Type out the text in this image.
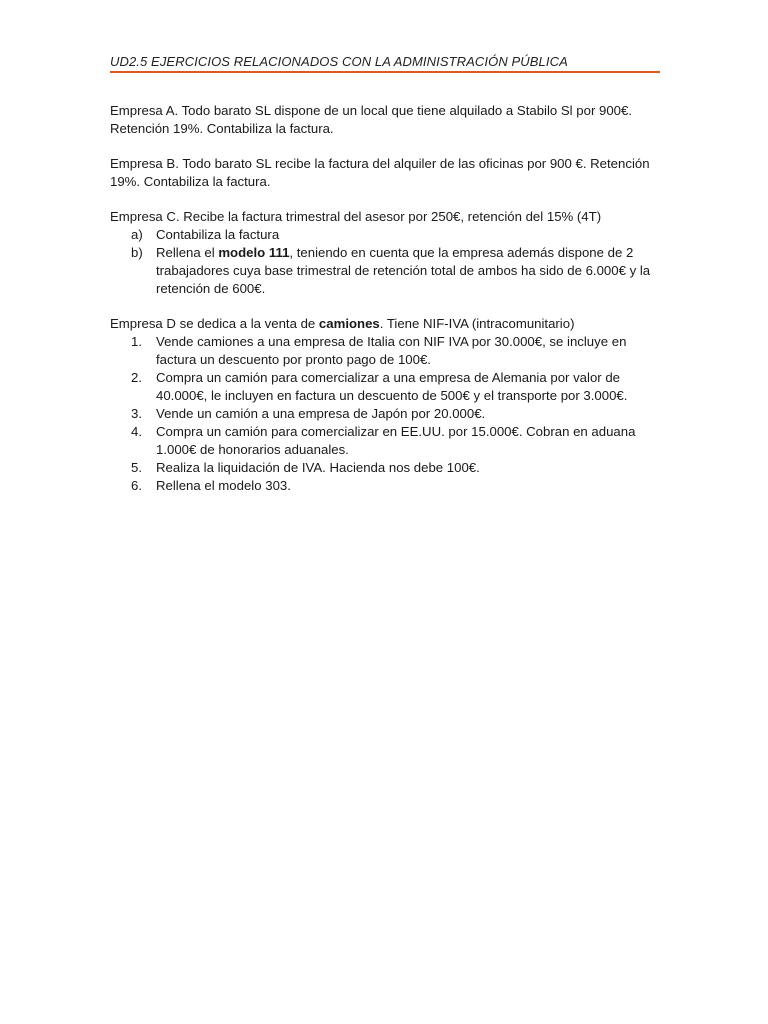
UD2.5 EJERCICIOS RELACIONADOS CON LA ADMINISTRACIÓN PÚBLICA

Empresa A. Todo barato SL dispone de un local que tiene alquilado a Stabilo Sl por 900€. Retención 19%. Contabiliza la factura.

Empresa B. Todo barato SL recibe la factura del alquiler de las oficinas por 900 €. Retención 19%. Contabiliza la factura.

Empresa C. Recibe la factura trimestral del asesor por 250€, retención del 15% (4T)

a) Contabiliza la factura
b) Rellena el modelo 111, teniendo en cuenta que la empresa además dispone de 2 trabajadores cuya base trimestral de retención total de ambos ha sido de 6.000€ y la retención de 600€.

Empresa D se dedica a la venta de camiones. Tiene NIF-IVA (intracomunitario)

1. Vende camiones a una empresa de Italia con NIF IVA por 30.000€, se incluye en factura un descuento por pronto pago de 100€.
2. Compra un camión para comercializar a una empresa de Alemania por valor de 40.000€, le incluyen en factura un descuento de 500€ y el transporte por 3.000€.
3. Vende un camión a una empresa de Japón por 20.000€.
4. Compra un camión para comercializar en EE.UU. por 15.000€. Cobran en aduana 1.000€ de honorarios aduanales.
5. Realiza la liquidación de IVA. Hacienda nos debe 100€.
6. Rellena el modelo 303.
